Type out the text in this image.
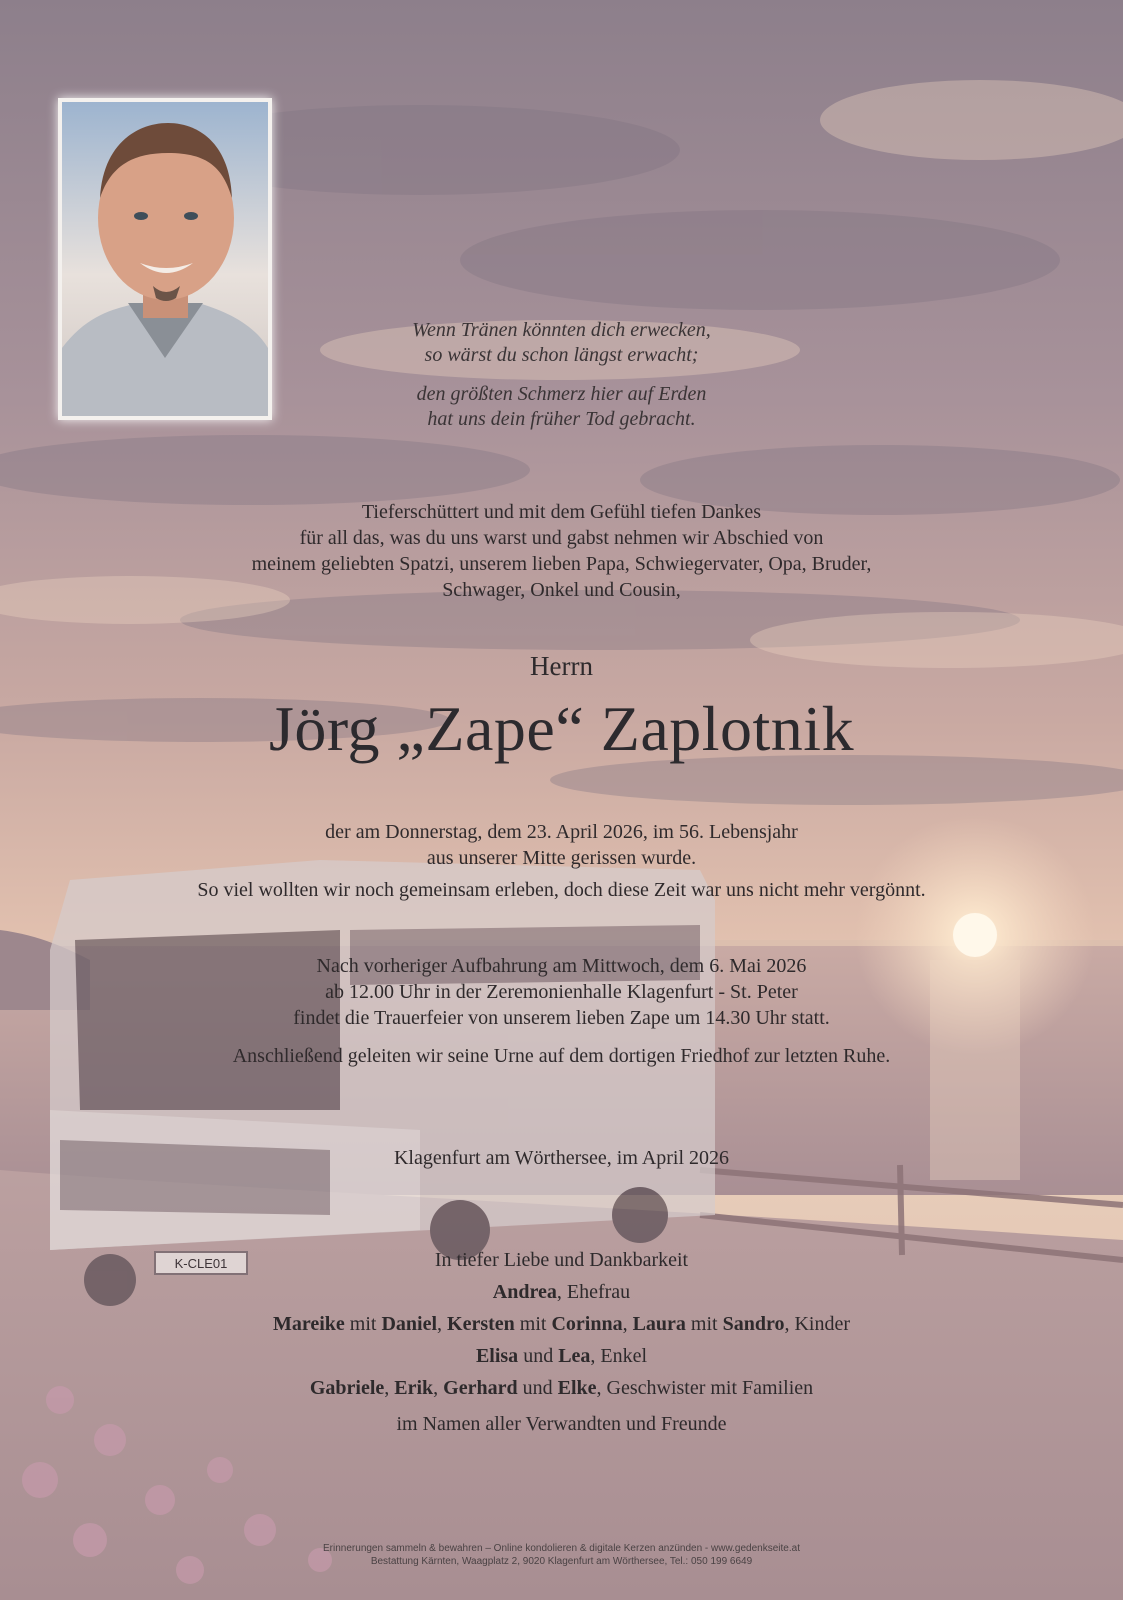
K-CLE01
Wenn Tränen könnten dich erwecken,
so wärst du schon längst erwacht;
den größten Schmerz hier auf Erden
hat uns dein früher Tod gebracht.
Tieferschüttert und mit dem Gefühl tiefen Dankes
für all das, was du uns warst und gabst nehmen wir Abschied von
meinem geliebten Spatzi, unserem lieben Papa, Schwiegervater, Opa, Bruder,
Schwager, Onkel und Cousin,
Herrn
Jörg „Zape“ Zaplotnik
der am Donnerstag, dem 23. April 2026, im 56. Lebensjahr
aus unserer Mitte gerissen wurde.
So viel wollten wir noch gemeinsam erleben, doch diese Zeit war uns nicht mehr vergönnt.
Nach vorheriger Aufbahrung am Mittwoch, dem 6. Mai 2026
ab 12.00 Uhr in der Zeremonienhalle Klagenfurt - St. Peter
findet die Trauerfeier von unserem lieben Zape um 14.30 Uhr statt.
Anschließend geleiten wir seine Urne auf dem dortigen Friedhof zur letzten Ruhe.
Klagenfurt am Wörthersee, im April 2026
In tiefer Liebe und Dankbarkeit
Andrea, Ehefrau
Mareike mit Daniel, Kersten mit Corinna, Laura mit Sandro, Kinder
Elisa und Lea, Enkel
Gabriele, Erik, Gerhard und Elke, Geschwister mit Familien
im Namen aller Verwandten und Freunde
Erinnerungen sammeln & bewahren – Online kondolieren & digitale Kerzen anzünden - www.gedenkseite.at
Bestattung Kärnten, Waagplatz 2, 9020 Klagenfurt am Wörthersee, Tel.: 050 199 6649
